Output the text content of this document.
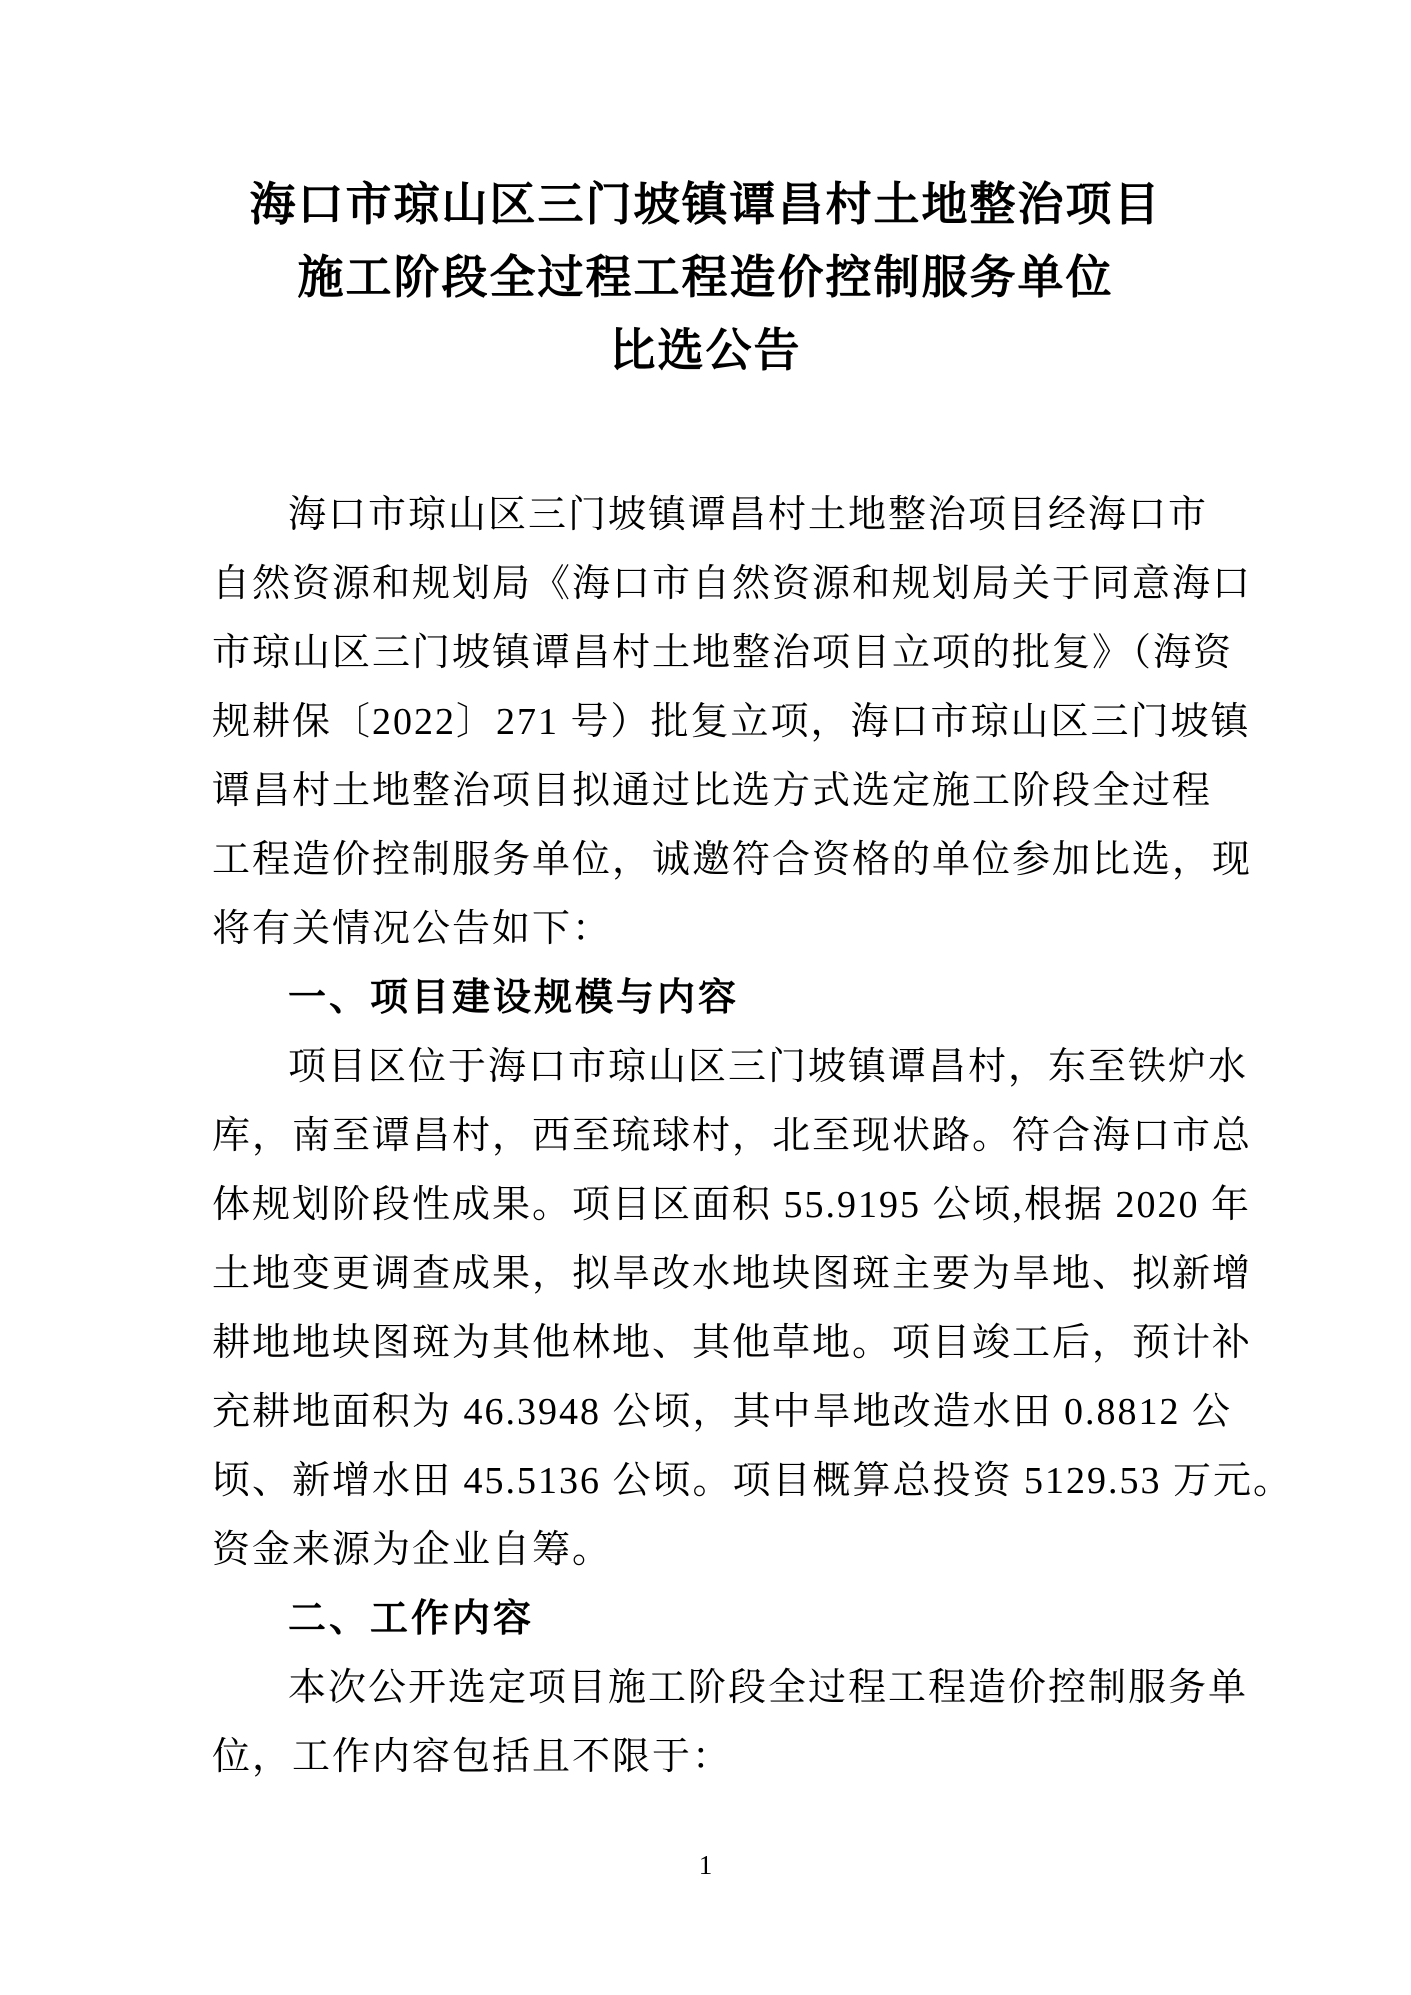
海口市琼山区三门坡镇谭昌村土地整治项目
施工阶段全过程工程造价控制服务单位
比选公告
海口市琼山区三门坡镇谭昌村土地整治项目经海口市
自然资源和规划局《海口市自然资源和规划局关于同意海口
市琼山区三门坡镇谭昌村土地整治项目立项的批复》（海资
规耕保〔2022〕271 号）批复立项，海口市琼山区三门坡镇
谭昌村土地整治项目拟通过比选方式选定施工阶段全过程
工程造价控制服务单位，诚邀符合资格的单位参加比选，现
将有关情况公告如下：
一、项目建设规模与内容
项目区位于海口市琼山区三门坡镇谭昌村，东至铁炉水
库，南至谭昌村，西至琉球村，北至现状路。符合海口市总
体规划阶段性成果。项目区面积 55.9195 公顷,根据 2020 年
土地变更调查成果，拟旱改水地块图斑主要为旱地、拟新增
耕地地块图斑为其他林地、其他草地。项目竣工后，预计补
充耕地面积为 46.3948 公顷，其中旱地改造水田 0.8812 公
顷、新增水田 45.5136 公顷。项目概算总投资 5129.53 万元。
资金来源为企业自筹。
二、工作内容
本次公开选定项目施工阶段全过程工程造价控制服务单
位，工作内容包括且不限于：
1
